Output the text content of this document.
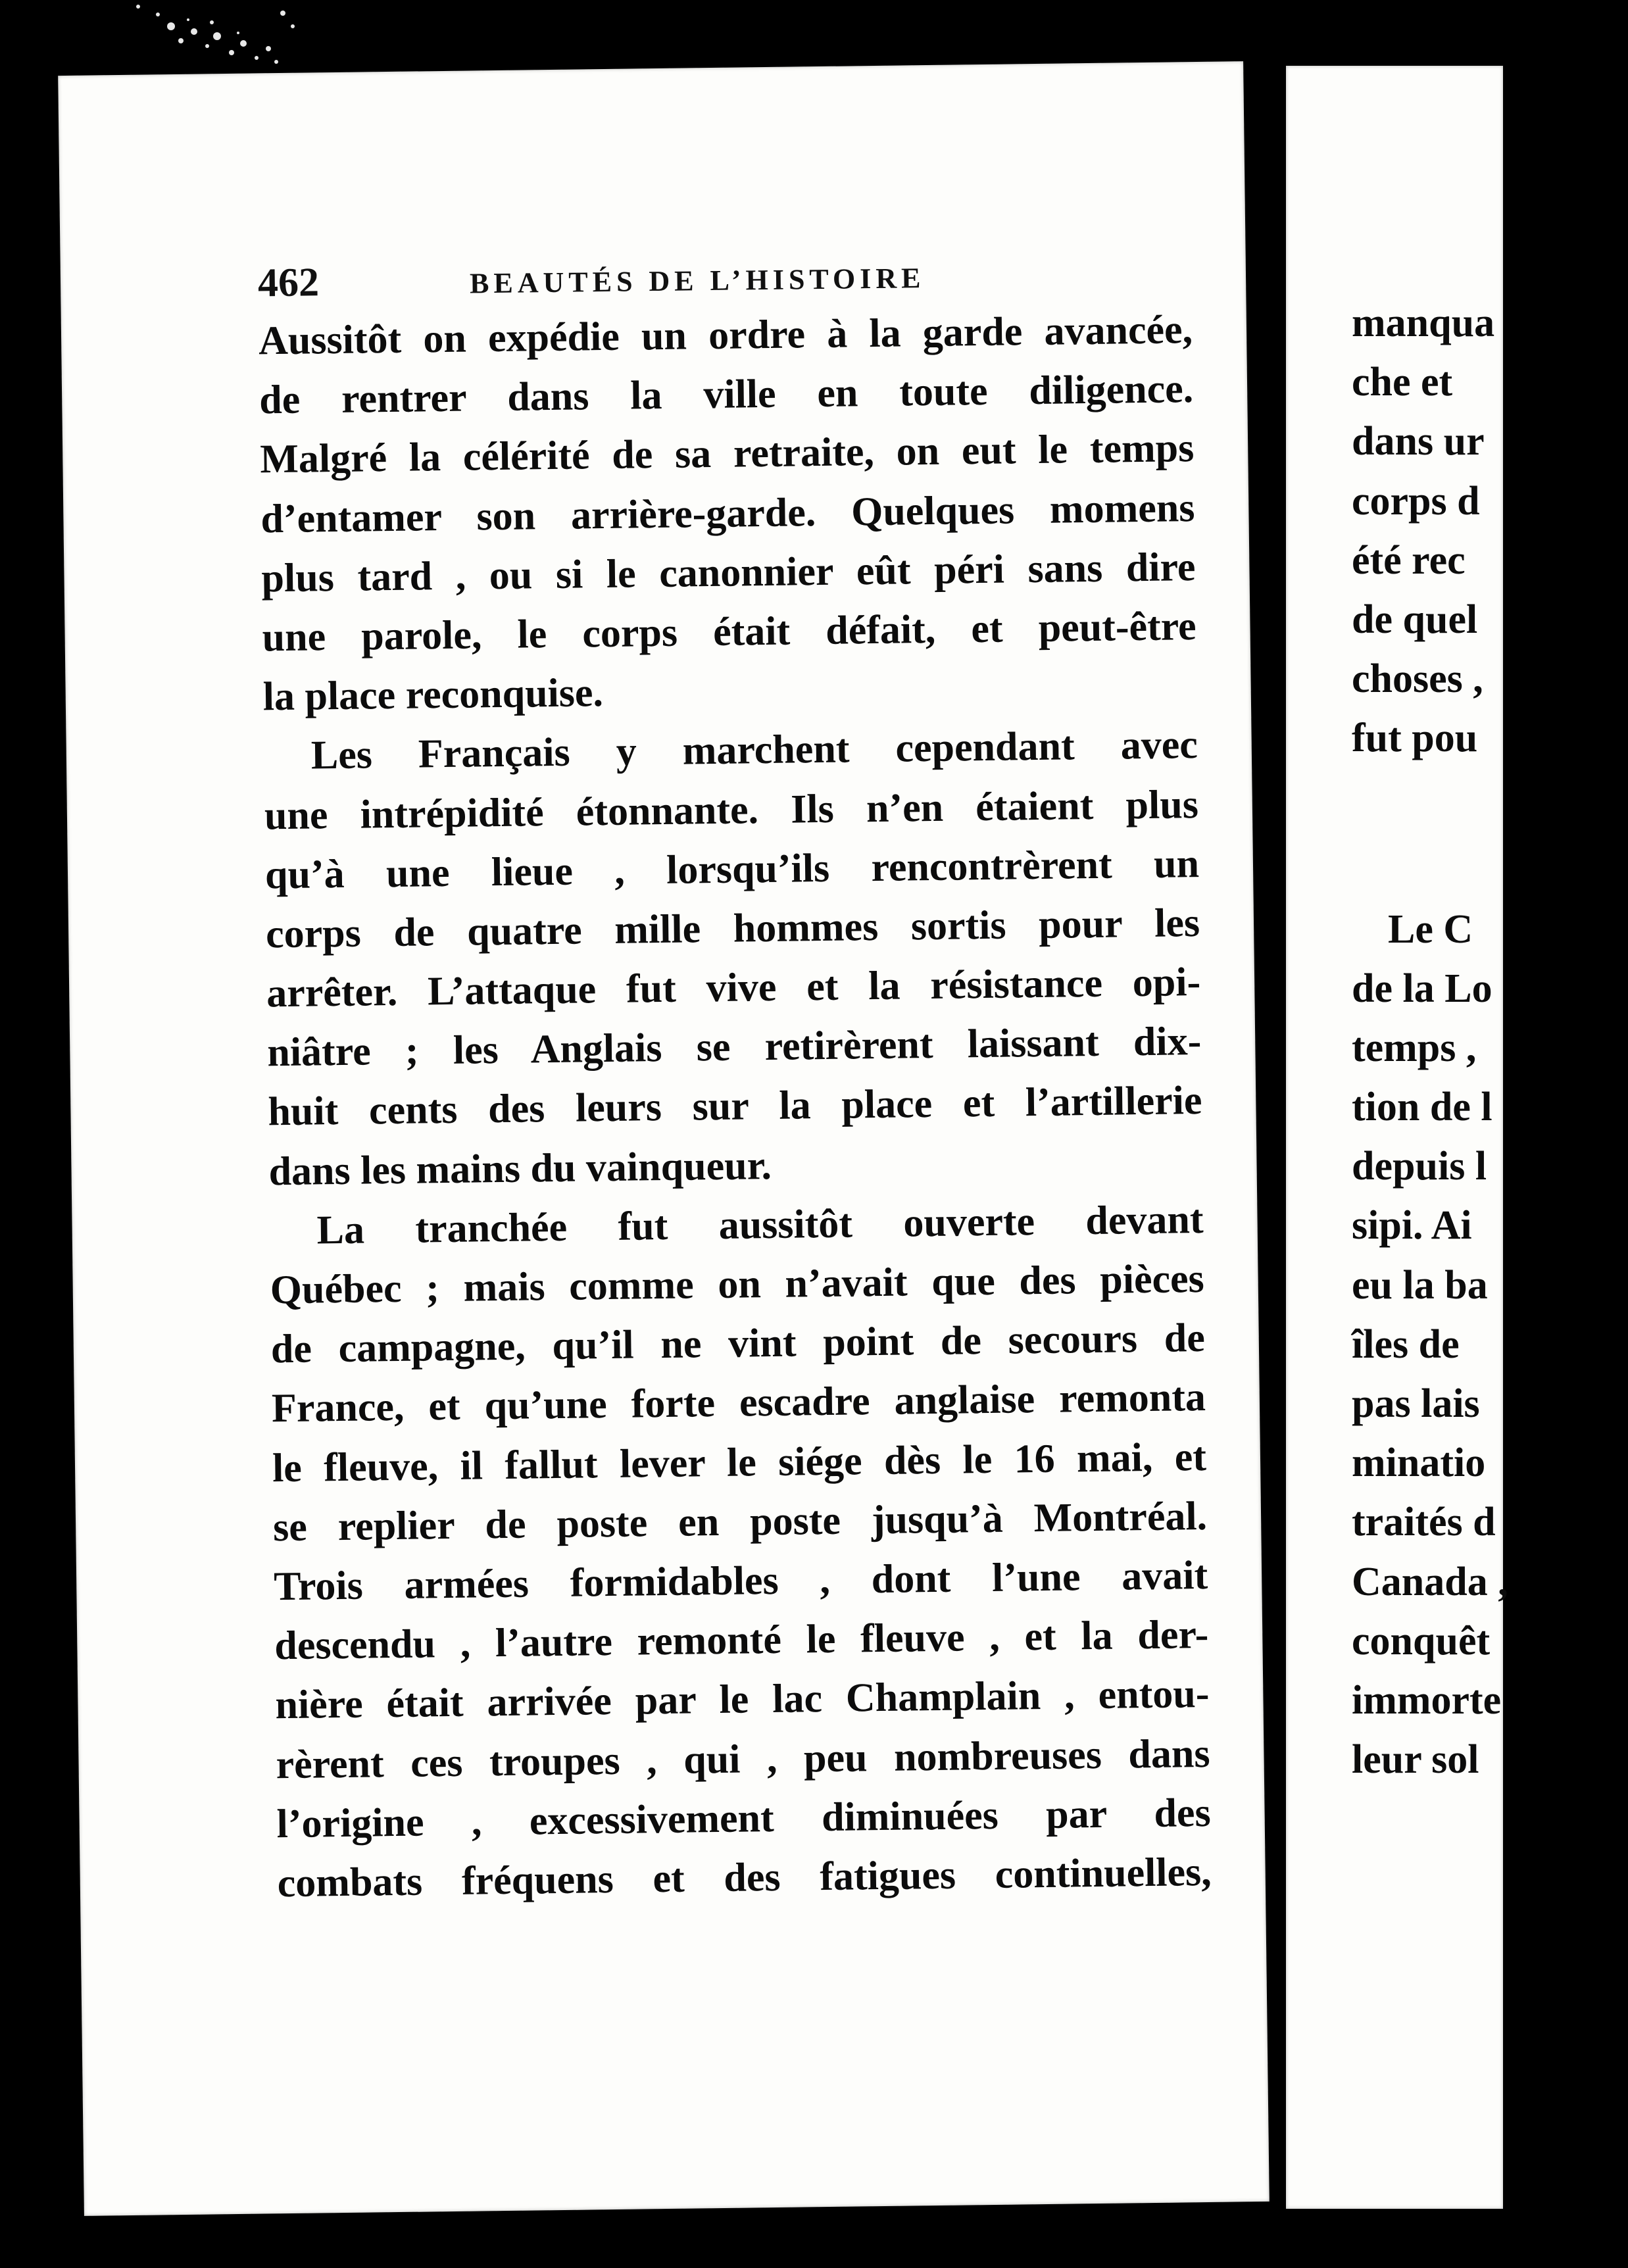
462	BEAUTÉS DE L’HISTOIRE
Aussitôt on expédie un ordre à la garde avancée,
de rentrer dans la ville en toute diligence.
Malgré la célérité de sa retraite, on eut le temps
d’entamer son arrière-garde. Quelques momens
plus tard , ou si le canonnier eût péri sans dire
une parole, le corps était défait, et peut-être
la place reconquise.
Les Français y marchent cependant avec
une intrépidité étonnante. Ils n’en étaient plus
qu’à une lieue , lorsqu’ils rencontrèrent un
corps de quatre mille hommes sortis pour les
arrêter. L’attaque fut vive et la résistance opi-
niâtre ; les Anglais se retirèrent laissant dix-
huit cents des leurs sur la place et l’artillerie
dans les mains du vainqueur.
La tranchée fut aussitôt ouverte devant
Québec ; mais comme on n’avait que des pièces
de campagne, qu’il ne vint point de secours de
France, et qu’une forte escadre anglaise remonta
le fleuve, il fallut lever le siége dès le 16 mai, et
se replier de poste en poste jusqu’à Montréal.
Trois armées formidables , dont l’une avait
descendu , l’autre remonté le fleuve , et la der-
nière était arrivée par le lac Champlain , entou-
rèrent ces troupes , qui , peu nombreuses dans
l’origine , excessivement diminuées par des
combats fréquens et des fatigues continuelles,
manqua
che et
dans ur
corps d
été rec
de quel
choses ,
fut pou
Le C
de la Lo
temps ,
tion de l
depuis l
sipi. Ai
eu la ba
îles de
pas lais
minatio
traités d
Canada ,
conquêt
immorte
leur sol
